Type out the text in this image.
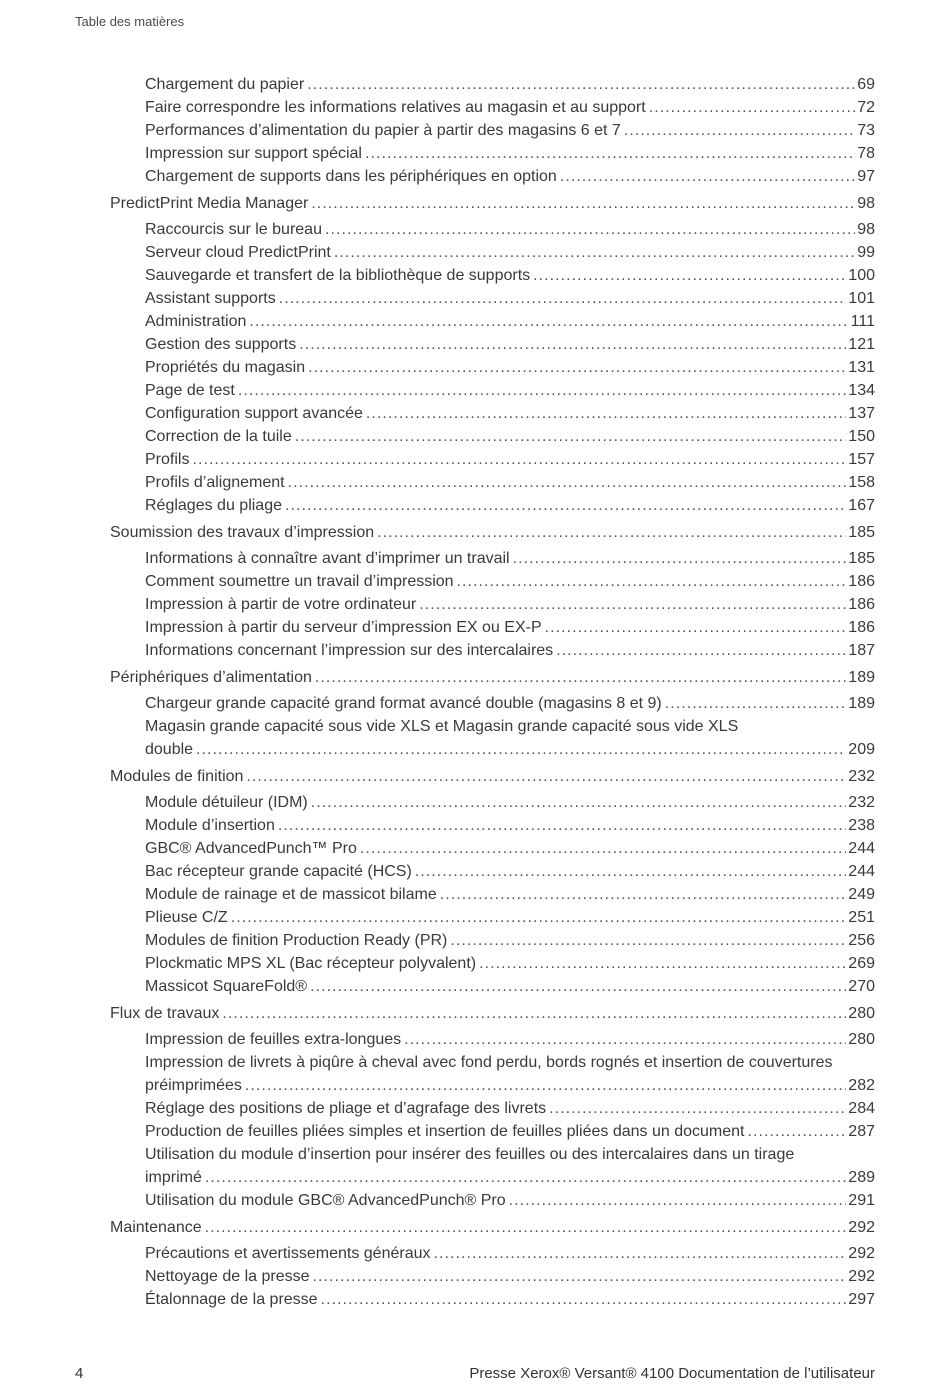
Table des matières
Chargement du papier .....	69
Faire correspondre les informations relatives au magasin et au support .....	72
Performances d’alimentation du papier à partir des magasins 6 et 7 .....	73
Impression sur support spécial .....	78
Chargement de supports dans les périphériques en option .....	97
PredictPrint Media Manager .....	98
Raccourcis sur le bureau .....	98
Serveur cloud PredictPrint .....	99
Sauvegarde et transfert de la bibliothèque de supports .....	100
Assistant supports .....	101
Administration .....	111
Gestion des supports .....	121
Propriétés du magasin .....	131
Page de test .....	134
Configuration support avancée .....	137
Correction de la tuile .....	150
Profils .....	157
Profils d’alignement .....	158
Réglages du pliage .....	167
Soumission des travaux d’impression .....	185
Informations à connaître avant d’imprimer un travail .....	185
Comment soumettre un travail d’impression .....	186
Impression à partir de votre ordinateur .....	186
Impression à partir du serveur d’impression EX ou EX-P .....	186
Informations concernant l’impression sur des intercalaires .....	187
Périphériques d’alimentation .....	189
Chargeur grande capacité grand format avancé double (magasins 8 et 9) .....	189
Magasin grande capacité sous vide XLS et Magasin grande capacité sous vide XLS
double .....	209
Modules de finition .....	232
Module détuileur (IDM) .....	232
Module d’insertion .....	238
GBC® AdvancedPunch™ Pro .....	244
Bac récepteur grande capacité (HCS) .....	244
Module de rainage et de massicot bilame .....	249
Plieuse C/Z .....	251
Modules de finition Production Ready (PR) .....	256
Plockmatic MPS XL (Bac récepteur polyvalent) .....	269
Massicot SquareFold® .....	270
Flux de travaux .....	280
Impression de feuilles extra-longues .....	280
Impression de livrets à piqûre à cheval avec fond perdu, bords rognés et insertion de couvertures
préimprimées .....	282
Réglage des positions de pliage et d’agrafage des livrets .....	284
Production de feuilles pliées simples et insertion de feuilles pliées dans un document .....	287
Utilisation du module d’insertion pour insérer des feuilles ou des intercalaires dans un tirage
imprimé .....	289
Utilisation du module GBC® AdvancedPunch® Pro .....	291
Maintenance .....	292
Précautions et avertissements généraux .....	292
Nettoyage de la presse .....	292
Étalonnage de la presse .....	297
4	Presse Xerox® Versant® 4100 Documentation de l’utilisateur
